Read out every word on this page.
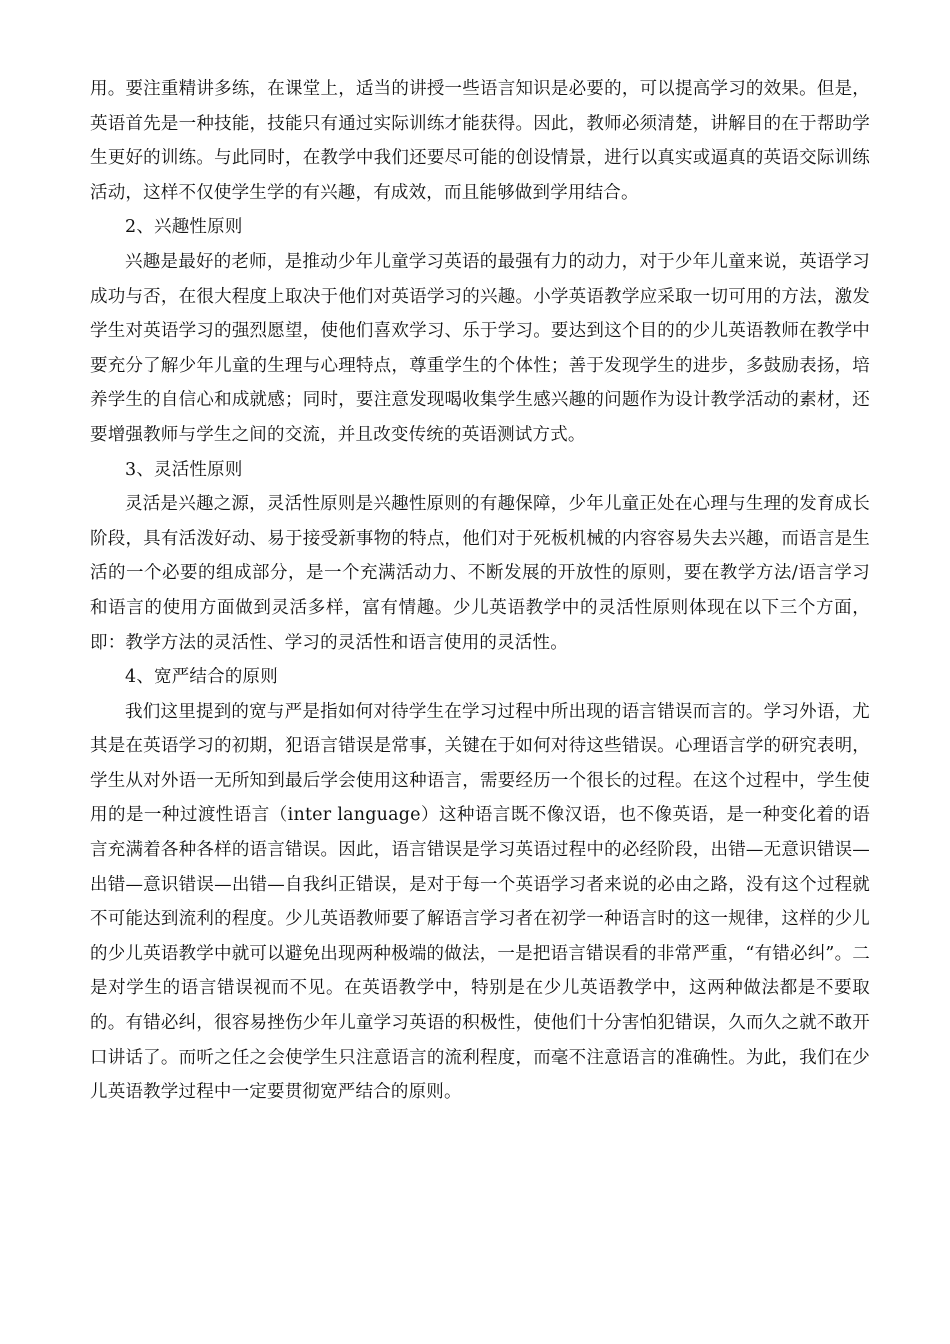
用。要注重精讲多练，在课堂上，适当的讲授一些语言知识是必要的，可以提高学习的效果。但是，英语首先是一种技能，技能只有通过实际训练才能获得。因此，教师必须清楚，讲解目的在于帮助学生更好的训练。与此同时，在教学中我们还要尽可能的创设情景，进行以真实或逼真的英语交际训练活动，这样不仅使学生学的有兴趣，有成效，而且能够做到学用结合。

2、兴趣性原则

兴趣是最好的老师，是推动少年儿童学习英语的最强有力的动力，对于少年儿童来说，英语学习成功与否，在很大程度上取决于他们对英语学习的兴趣。小学英语教学应采取一切可用的方法，激发学生对英语学习的强烈愿望，使他们喜欢学习、乐于学习。要达到这个目的的少儿英语教师在教学中要充分了解少年儿童的生理与心理特点，尊重学生的个体性；善于发现学生的进步，多鼓励表扬，培养学生的自信心和成就感；同时，要注意发现喝收集学生感兴趣的问题作为设计教学活动的素材，还要增强教师与学生之间的交流，并且改变传统的英语测试方式。

3、灵活性原则

灵活是兴趣之源，灵活性原则是兴趣性原则的有趣保障，少年儿童正处在心理与生理的发育成长阶段，具有活泼好动、易于接受新事物的特点，他们对于死板机械的内容容易失去兴趣，而语言是生活的一个必要的组成部分，是一个充满活动力、不断发展的开放性的原则，要在教学方法/语言学习和语言的使用方面做到灵活多样，富有情趣。少儿英语教学中的灵活性原则体现在以下三个方面，即：教学方法的灵活性、学习的灵活性和语言使用的灵活性。

4、宽严结合的原则

我们这里提到的宽与严是指如何对待学生在学习过程中所出现的语言错误而言的。学习外语，尤其是在英语学习的初期，犯语言错误是常事，关键在于如何对待这些错误。心理语言学的研究表明，学生从对外语一无所知到最后学会使用这种语言，需要经历一个很长的过程。在这个过程中，学生使用的是一种过渡性语言（inter language）这种语言既不像汉语，也不像英语，是一种变化着的语言充满着各种各样的语言错误。因此，语言错误是学习英语过程中的必经阶段，出错—无意识错误—出错—意识错误—出错—自我纠正错误，是对于每一个英语学习者来说的必由之路，没有这个过程就不可能达到流利的程度。少儿英语教师要了解语言学习者在初学一种语言时的这一规律，这样的少儿的少儿英语教学中就可以避免出现两种极端的做法，一是把语言错误看的非常严重，“有错必纠”。二是对学生的语言错误视而不见。在英语教学中，特别是在少儿英语教学中，这两种做法都是不要取的。有错必纠，很容易挫伤少年儿童学习英语的积极性，使他们十分害怕犯错误，久而久之就不敢开口讲话了。而听之任之会使学生只注意语言的流利程度，而毫不注意语言的准确性。为此，我们在少儿英语教学过程中一定要贯彻宽严结合的原则。
